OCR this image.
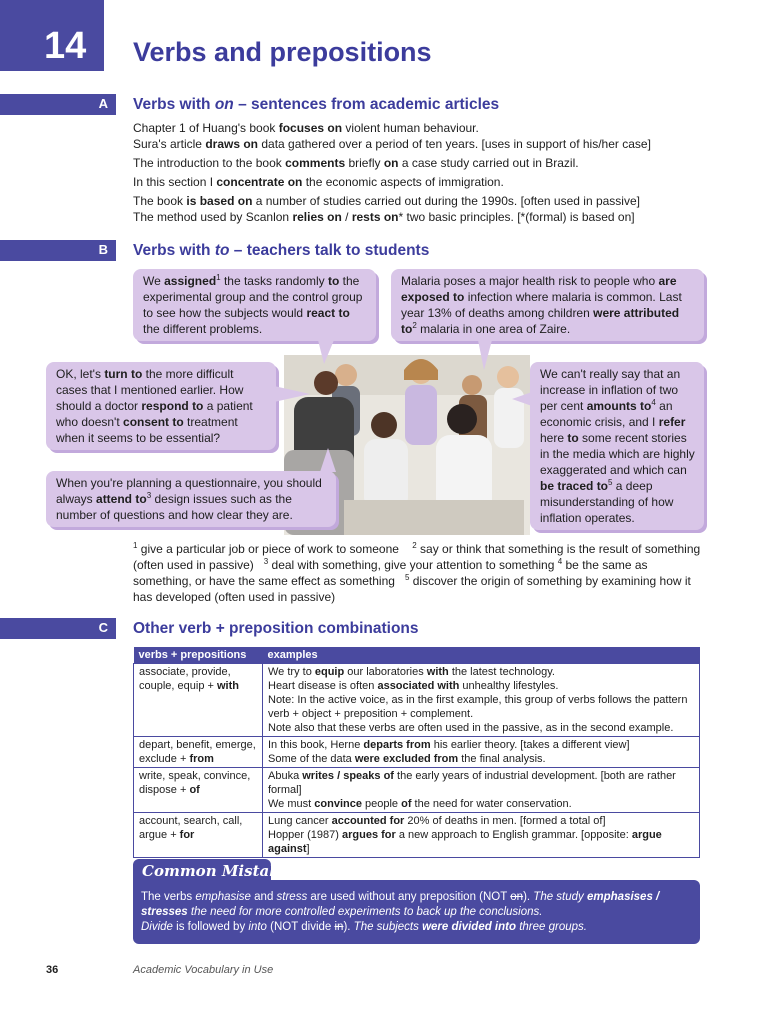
14 Verbs and prepositions
A Verbs with on – sentences from academic articles

Chapter 1 of Huang's book focuses on violent human behaviour.

Sura's article draws on data gathered over a period of ten years. [uses in support of his/her case]

The introduction to the book comments briefly on a case study carried out in Brazil.

In this section I concentrate on the economic aspects of immigration.

The book is based on a number of studies carried out during the 1990s. [often used in passive]

The method used by Scanlon relies on / rests on* two basic principles. [*(formal) is based on]

B Verbs with to – teachers talk to students
We assigned$^1$ the tasks randomly to the experimental group and the control group to see how the subjects would react to the different problems.
Malaria poses a major health risk to people who are exposed to infection where malaria is common. Last year 13% of deaths among children were attributed $to^2$ malaria in one area of Zaire.
OK, let's turn to the more difficult cases that I mentioned earlier. How should a doctor respond to a patient who doesn't consent to treatment when it seems to be essential?
When you're planning a questionnaire, you should always attend $to^3$ design issues such as the number of questions and how clear they are.
We can't really say that an increase in inflation of two per cent amounts $to^4$ an economic crisis, and I refer here to some recent stories in the media which are highly exaggerated and which can be traced $to^5$ a deep misunderstanding of how inflation operates.
$^1$ give a particular job or piece of work to someone $^2$ say or think that something is the result of something (often used in passive) $^3$ deal with something, give your attention to something $^4$ be the same as something, or have the same effect as something $^5$ discover the origin of something by examining how it has developed (often used in passive)
C Other verb + preposition combinations
verbs + prepositions	examples
associate, provide, couple, equip + with	We try to equip our laboratories with the latest technology.
Heart disease is often associated with unhealthy lifestyles.
Note: In the active voice, as in the first example, this group of verbs follows the pattern verb + object + preposition + complement.
Note also that these verbs are often used in the passive, as in the second example.

depart, benefit, emerge, exclude + from	In this book, Herne departs from his earlier theory. [takes a different view]
Some of the data were excluded from the final analysis.

write, speak, convince, dispose + of	Abuka writes / speaks of the early years of industrial development. [both are rather formal]
We must convince people of the need for water conservation.

account, search, call, argue + for	Lung cancer accounted for 20% of deaths in men. [formed a total of]
Hopper (1987) argues for a new approach to English grammar. [opposite: argue against]
Common Mistake

The verbs emphasise and stress are used without any preposition (NOT on). The study emphasises /

stresses the need for more controlled experiments to back up the conclusions.

Divide is followed by into (NOT divide in). The subjects were divided into three groups.

36	Academic Vocabulary in Use
